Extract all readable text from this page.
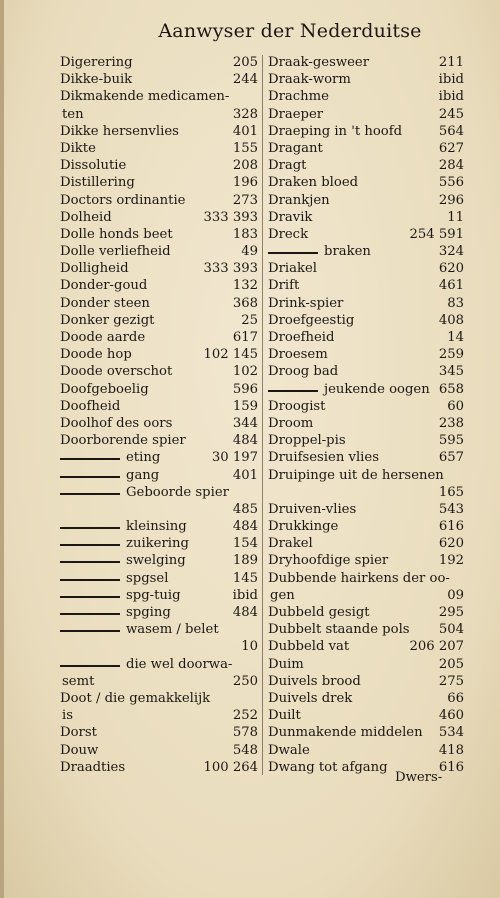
Aanwyser der Nederduitse
Digerering	205
Dikke-buik	244
Dikmakende medicamen-
ten	328
Dikke hersenvlies	401
Dikte	155
Dissolutie	208
Distillering	196
Doctors ordinantie	273
Dolheid	333 393
Dolle honds beet	183
Dolle verliefheid	49
Dolligheid	333 393
Donder-goud	132
Donder steen	368
Donker gezigt	25
Doode aarde	617
Doode hop	102 145
Doode overschot	102
Doofgeboelig	596
Doofheid	159
Doolhof des oors	344
Doorborende spier	484
eting	30 197
gang	401
Geboorde spier
485
kleinsing	484
zuikering	154
swelging	189
spgsel	145
spg-tuig	ibid
spging	484
wasem / belet
10
die wel doorwa-
semt	250
Doot / die gemakkelijk
is	252
Dorst	578
Douw	548
Draadties	100 264
Draak-gesweer	211
Draak-worm	ibid
Drachme	ibid
Draeper	245
Draeping in 't hoofd	564
Dragant	627
Dragt	284
Draken bloed	556
Drankjen	296
Dravik	11
Dreck	254 591
braken	324
Driakel	620
Drift	461
Drink-spier	83
Droefgeestig	408
Droefheid	14
Droesem	259
Droog bad	345
jeukende oogen 658
Droogist	60
Droom	238
Droppel-pis	595
Druifsesien vlies	657
Druipinge uit de hersenen
165
Druiven-vlies	543
Drukkinge	616
Drakel	620
Dryhoofdige spier	192
Dubbende hairkens der oo-
gen	09
Dubbeld gesigt	295
Dubbelt staande pols 504
Dubbeld vat	206 207
Duim	205
Duivels brood	275
Duivels drek	66
Duilt	460
Dunmakende middelen 534
Dwale	418
Dwang tot afgang	616
Dwers-
